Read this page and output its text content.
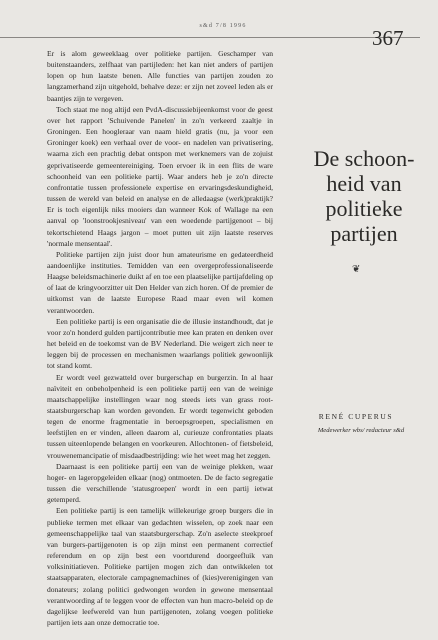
s&d 7/8 1996	367

Er is alom geweeklaag over politieke partijen. Geschamper van buitenstaanders, zelfhaat van partijleden: het kan niet anders of partijen lopen op hun laatste benen. Alle functies van partijen zouden zo langzamerhand zijn uitgehold, behalve deze: er zijn net zoveel leden als er baantjes zijn te vergeven.

Toch staat me nog altijd een PvdA-discussiebijeenkomst voor de geest over het rapport 'Schuivende Panelen' in zo'n verkeerd zaaltje in Groningen. Een hoogleraar van naam hield gratis (nu, ja voor een Groninger koek) een verhaal over de voor- en nadelen van privatisering, waarna zich een prachtig debat ontspon met werknemers van de zojuist geprivatiseerde gemeentereiniging. Toen ervoer ik in een flits de ware schoonheid van een politieke partij. Waar anders heb je zo'n directe confrontatie tussen professionele expertise en ervaringsdeskundigheid, tussen de wereld van beleid en analyse en de alledaagse (werk)praktijk? Er is toch eigenlijk niks mooiers dan wanneer Kok of Wallage na een aanval op 'loonstrookjesniveau' van een woedende partijgenoot – bij tekortschietend Haags jargon – moet putten uit zijn laatste reserves 'normale mensentaal'.

Politieke partijen zijn juist door hun amateurisme en gedateerdheid aandoenlijke instituties. Temidden van een overgeprofessionaliseerde Haagse beleidsmachinerie duikt af en toe een plaatselijke partijafdeling op of laat de kringvoorzitter uit Den Helder van zich horen. Of de premier de uitkomst van de laatste Europese Raad maar even wil komen verantwoorden.

Een politieke partij is een organisatie die de illusie instandhoudt, dat je voor zo'n honderd gulden partijcontributie mee kan praten en denken over het beleid en de toekomst van de BV Nederland. Die weigert zich neer te leggen bij de processen en mechanismen waarlangs politiek gewoonlijk tot stand komt.

Er wordt veel gezwatteld over burgerschap en burgerzin. In al haar naïviteit en onbeholpenheid is een politieke partij een van de weinige maatschappelijke instellingen waar nog steeds iets van grass root-staatsburgerschap kan worden gevonden. Er wordt tegenwicht geboden tegen de enorme fragmentatie in beroepsgroepen, specialismen en leefstijlen en er vinden, alleen daarom al, curieuze confrontaties plaats tussen uiteenlopende belangen en voorkeuren. Allochtonen- of fietsbeleid, vrouwenemancipatie of misdaadbestrijding: wie het weet mag het zeggen.

Daarnaast is een politieke partij een van de weinige plekken, waar hoger- en lageropgeleiden elkaar (nog) ontmoeten. De de facto segregatie tussen die verschillende 'statusgroepen' wordt in een partij ietwat getemperd.

Een politieke partij is een tamelijk willekeurige groep burgers die in publieke termen met elkaar van gedachten wisselen, op zoek naar een gemeenschappelijke taal van staatsburgerschap. Zo'n aselecte steekproef van burgers-partijgenoten is op zijn minst een permanent correctief referendum en op zijn best een voortdurend doorgeefluik van volksinitiatieven. Politieke partijen mogen zich dan ontwikkelen tot staatsapparaten, electorale campagnemachines of (kies)verenigingen van donateurs; zolang politici gedwongen worden in gewone mensentaal verantwoording af te leggen voor de effecten van hun macro-beleid op de dagelijkse leefwereld van hun partijgenoten, zolang voegen politieke partijen iets aan onze democratie toe.

De schoon-
heid van
politieke
partijen
❦
RENÉ CUPERUS
Medewerker wbs/ redacteur s&d
